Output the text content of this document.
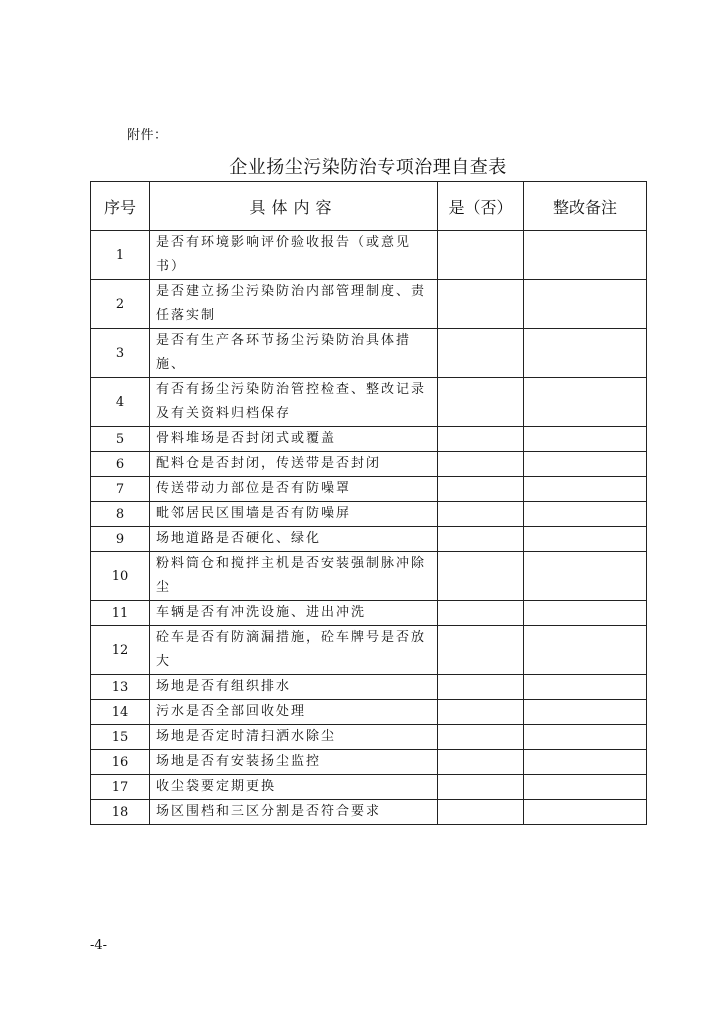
附件：
企业扬尘污染防治专项治理自查表
序号	具体内容	是（否）	整改备注
1	是否有环境影响评价验收报告（或意见书）		
2	是否建立扬尘污染防治内部管理制度、责任落实制		
3	是否有生产各环节扬尘污染防治具体措施、		
4	有否有扬尘污染防治管控检查、整改记录及有关资料归档保存		
5	骨料堆场是否封闭式或覆盖		
6	配料仓是否封闭，传送带是否封闭		
7	传送带动力部位是否有防噪罩		
8	毗邻居民区围墙是否有防噪屏		
9	场地道路是否硬化、绿化		
10	粉料筒仓和搅拌主机是否安装强制脉冲除尘		
11	车辆是否有冲洗设施、进出冲洗		
12	砼车是否有防滴漏措施，砼车牌号是否放大		
13	场地是否有组织排水		
14	污水是否全部回收处理		
15	场地是否定时清扫洒水除尘		
16	场地是否有安装扬尘监控		
17	收尘袋要定期更换		
18	场区围档和三区分割是否符合要求		
-4-
